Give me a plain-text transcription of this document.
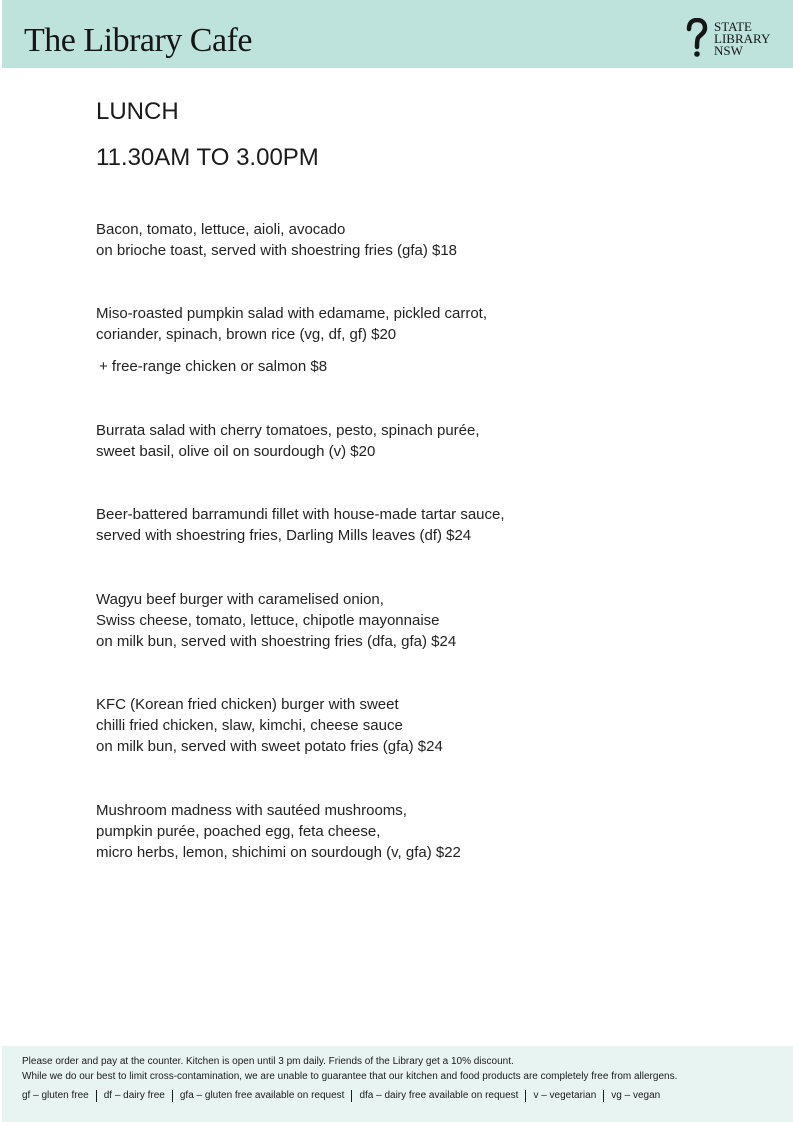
The Library Cafe	STATE
LIBRARY
NSW
LUNCH
11.30AM TO 3.00PM
Bacon, tomato, lettuce, aioli, avocado
on brioche toast, served with shoestring fries (gfa) $18
Miso-roasted pumpkin salad with edamame, pickled carrot,
coriander, spinach, brown rice (vg, df, gf) $20
+ free-range chicken or salmon $8
Burrata salad with cherry tomatoes, pesto, spinach purée,
sweet basil, olive oil on sourdough (v) $20
Beer-battered barramundi fillet with house-made tartar sauce,
served with shoestring fries, Darling Mills leaves (df) $24
Wagyu beef burger with caramelised onion,
Swiss cheese, tomato, lettuce, chipotle mayonnaise
on milk bun, served with shoestring fries (dfa, gfa) $24
KFC (Korean fried chicken) burger with sweet
chilli fried chicken, slaw, kimchi, cheese sauce
on milk bun, served with sweet potato fries (gfa) $24
Mushroom madness with sautéed mushrooms,
pumpkin purée, poached egg, feta cheese,
micro herbs, lemon, shichimi on sourdough (v, gfa) $22
Please order and pay at the counter. Kitchen is open until 3 pm daily. Friends of the Library get a 10% discount.
While we do our best to limit cross-contamination, we are unable to guarantee that our kitchen and food products are completely free from allergens.
gf – gluten free df – dairy free gfa – gluten free available on request dfa – dairy free available on request v – vegetarian vg – vegan
